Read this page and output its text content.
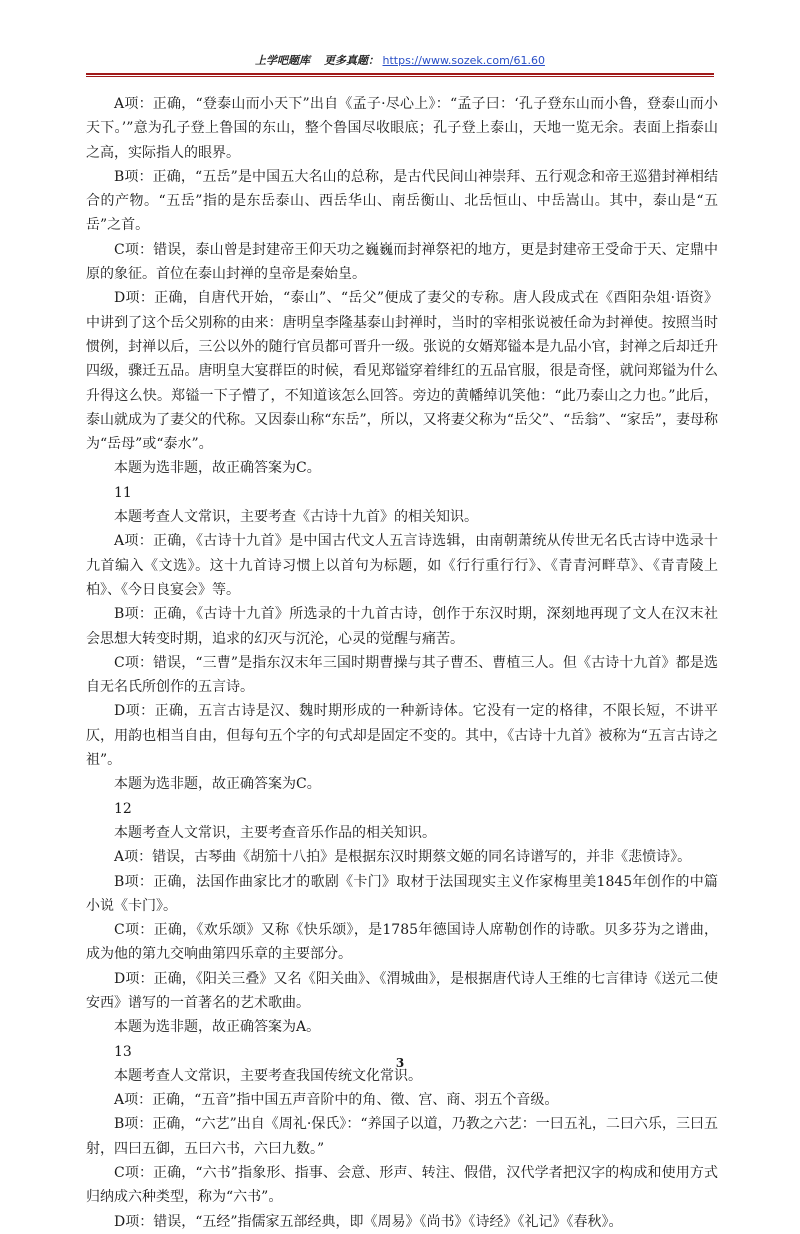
上学吧题库 更多真题： https://www.sozek.com/61.60

A项：正确，“登泰山而小天下”出自《孟子·尽心上》：“孟子曰：‘孔子登东山而小鲁，登泰山而小天下。’”意为孔子登上鲁国的东山，整个鲁国尽收眼底；孔子登上泰山，天地一览无余。表面上指泰山之高，实际指人的眼界。

B项：正确，“五岳”是中国五大名山的总称，是古代民间山神崇拜、五行观念和帝王巡猎封禅相结合的产物。“五岳”指的是东岳泰山、西岳华山、南岳衡山、北岳恒山、中岳嵩山。其中，泰山是“五岳”之首。

C项：错误，泰山曾是封建帝王仰天功之巍巍而封禅祭祀的地方，更是封建帝王受命于天、定鼎中原的象征。首位在泰山封禅的皇帝是秦始皇。

D项：正确，自唐代开始，“泰山”、“岳父”便成了妻父的专称。唐人段成式在《酉阳杂俎·语资》中讲到了这个岳父别称的由来：唐明皇李隆基泰山封禅时，当时的宰相张说被任命为封禅使。按照当时惯例，封禅以后，三公以外的随行官员都可晋升一级。张说的女婿郑镒本是九品小官，封禅之后却迁升四级，骤迁五品。唐明皇大宴群臣的时候，看见郑镒穿着绯红的五品官服，很是奇怪，就问郑镒为什么升得这么快。郑镒一下子懵了，不知道该怎么回答。旁边的黄幡绰讥笑他：“此乃泰山之力也。”此后，泰山就成为了妻父的代称。又因泰山称“东岳”，所以，又将妻父称为“岳父”、“岳翁”、“家岳”，妻母称为“岳母”或“泰水”。

本题为选非题，故正确答案为C。

11

本题考查人文常识，主要考查《古诗十九首》的相关知识。

A项：正确，《古诗十九首》是中国古代文人五言诗选辑，由南朝萧统从传世无名氏古诗中选录十九首编入《文选》。这十九首诗习惯上以首句为标题，如《行行重行行》、《青青河畔草》、《青青陵上柏》、《今日良宴会》等。

B项：正确，《古诗十九首》所选录的十九首古诗，创作于东汉时期，深刻地再现了文人在汉末社会思想大转变时期，追求的幻灭与沉沦，心灵的觉醒与痛苦。

C项：错误，“三曹”是指东汉末年三国时期曹操与其子曹丕、曹植三人。但《古诗十九首》都是选自无名氏所创作的五言诗。

D项：正确，五言古诗是汉、魏时期形成的一种新诗体。它没有一定的格律，不限长短，不讲平仄，用韵也相当自由，但每句五个字的句式却是固定不变的。其中，《古诗十九首》被称为“五言古诗之祖”。

本题为选非题，故正确答案为C。

12

本题考查人文常识，主要考查音乐作品的相关知识。

A项：错误，古琴曲《胡笳十八拍》是根据东汉时期蔡文姬的同名诗谱写的，并非《悲愤诗》。

B项：正确，法国作曲家比才的歌剧《卡门》取材于法国现实主义作家梅里美1845年创作的中篇小说《卡门》。

C项：正确，《欢乐颂》又称《快乐颂》，是1785年德国诗人席勒创作的诗歌。贝多芬为之谱曲，成为他的第九交响曲第四乐章的主要部分。

D项：正确，《阳关三叠》又名《阳关曲》、《渭城曲》，是根据唐代诗人王维的七言律诗《送元二使安西》谱写的一首著名的艺术歌曲。

本题为选非题，故正确答案为A。

13

本题考查人文常识，主要考查我国传统文化常识。

A项：正确，“五音”指中国五声音阶中的角、徵、宫、商、羽五个音级。

B项：正确，“六艺”出自《周礼·保氏》：“养国子以道，乃教之六艺：一曰五礼，二曰六乐，三曰五射，四曰五御，五曰六书，六曰九数。”

C项：正确，“六书”指象形、指事、会意、形声、转注、假借，汉代学者把汉字的构成和使用方式归纳成六种类型，称为“六书”。

D项：错误，“五经”指儒家五部经典，即《周易》《尚书》《诗经》《礼记》《春秋》。

3
